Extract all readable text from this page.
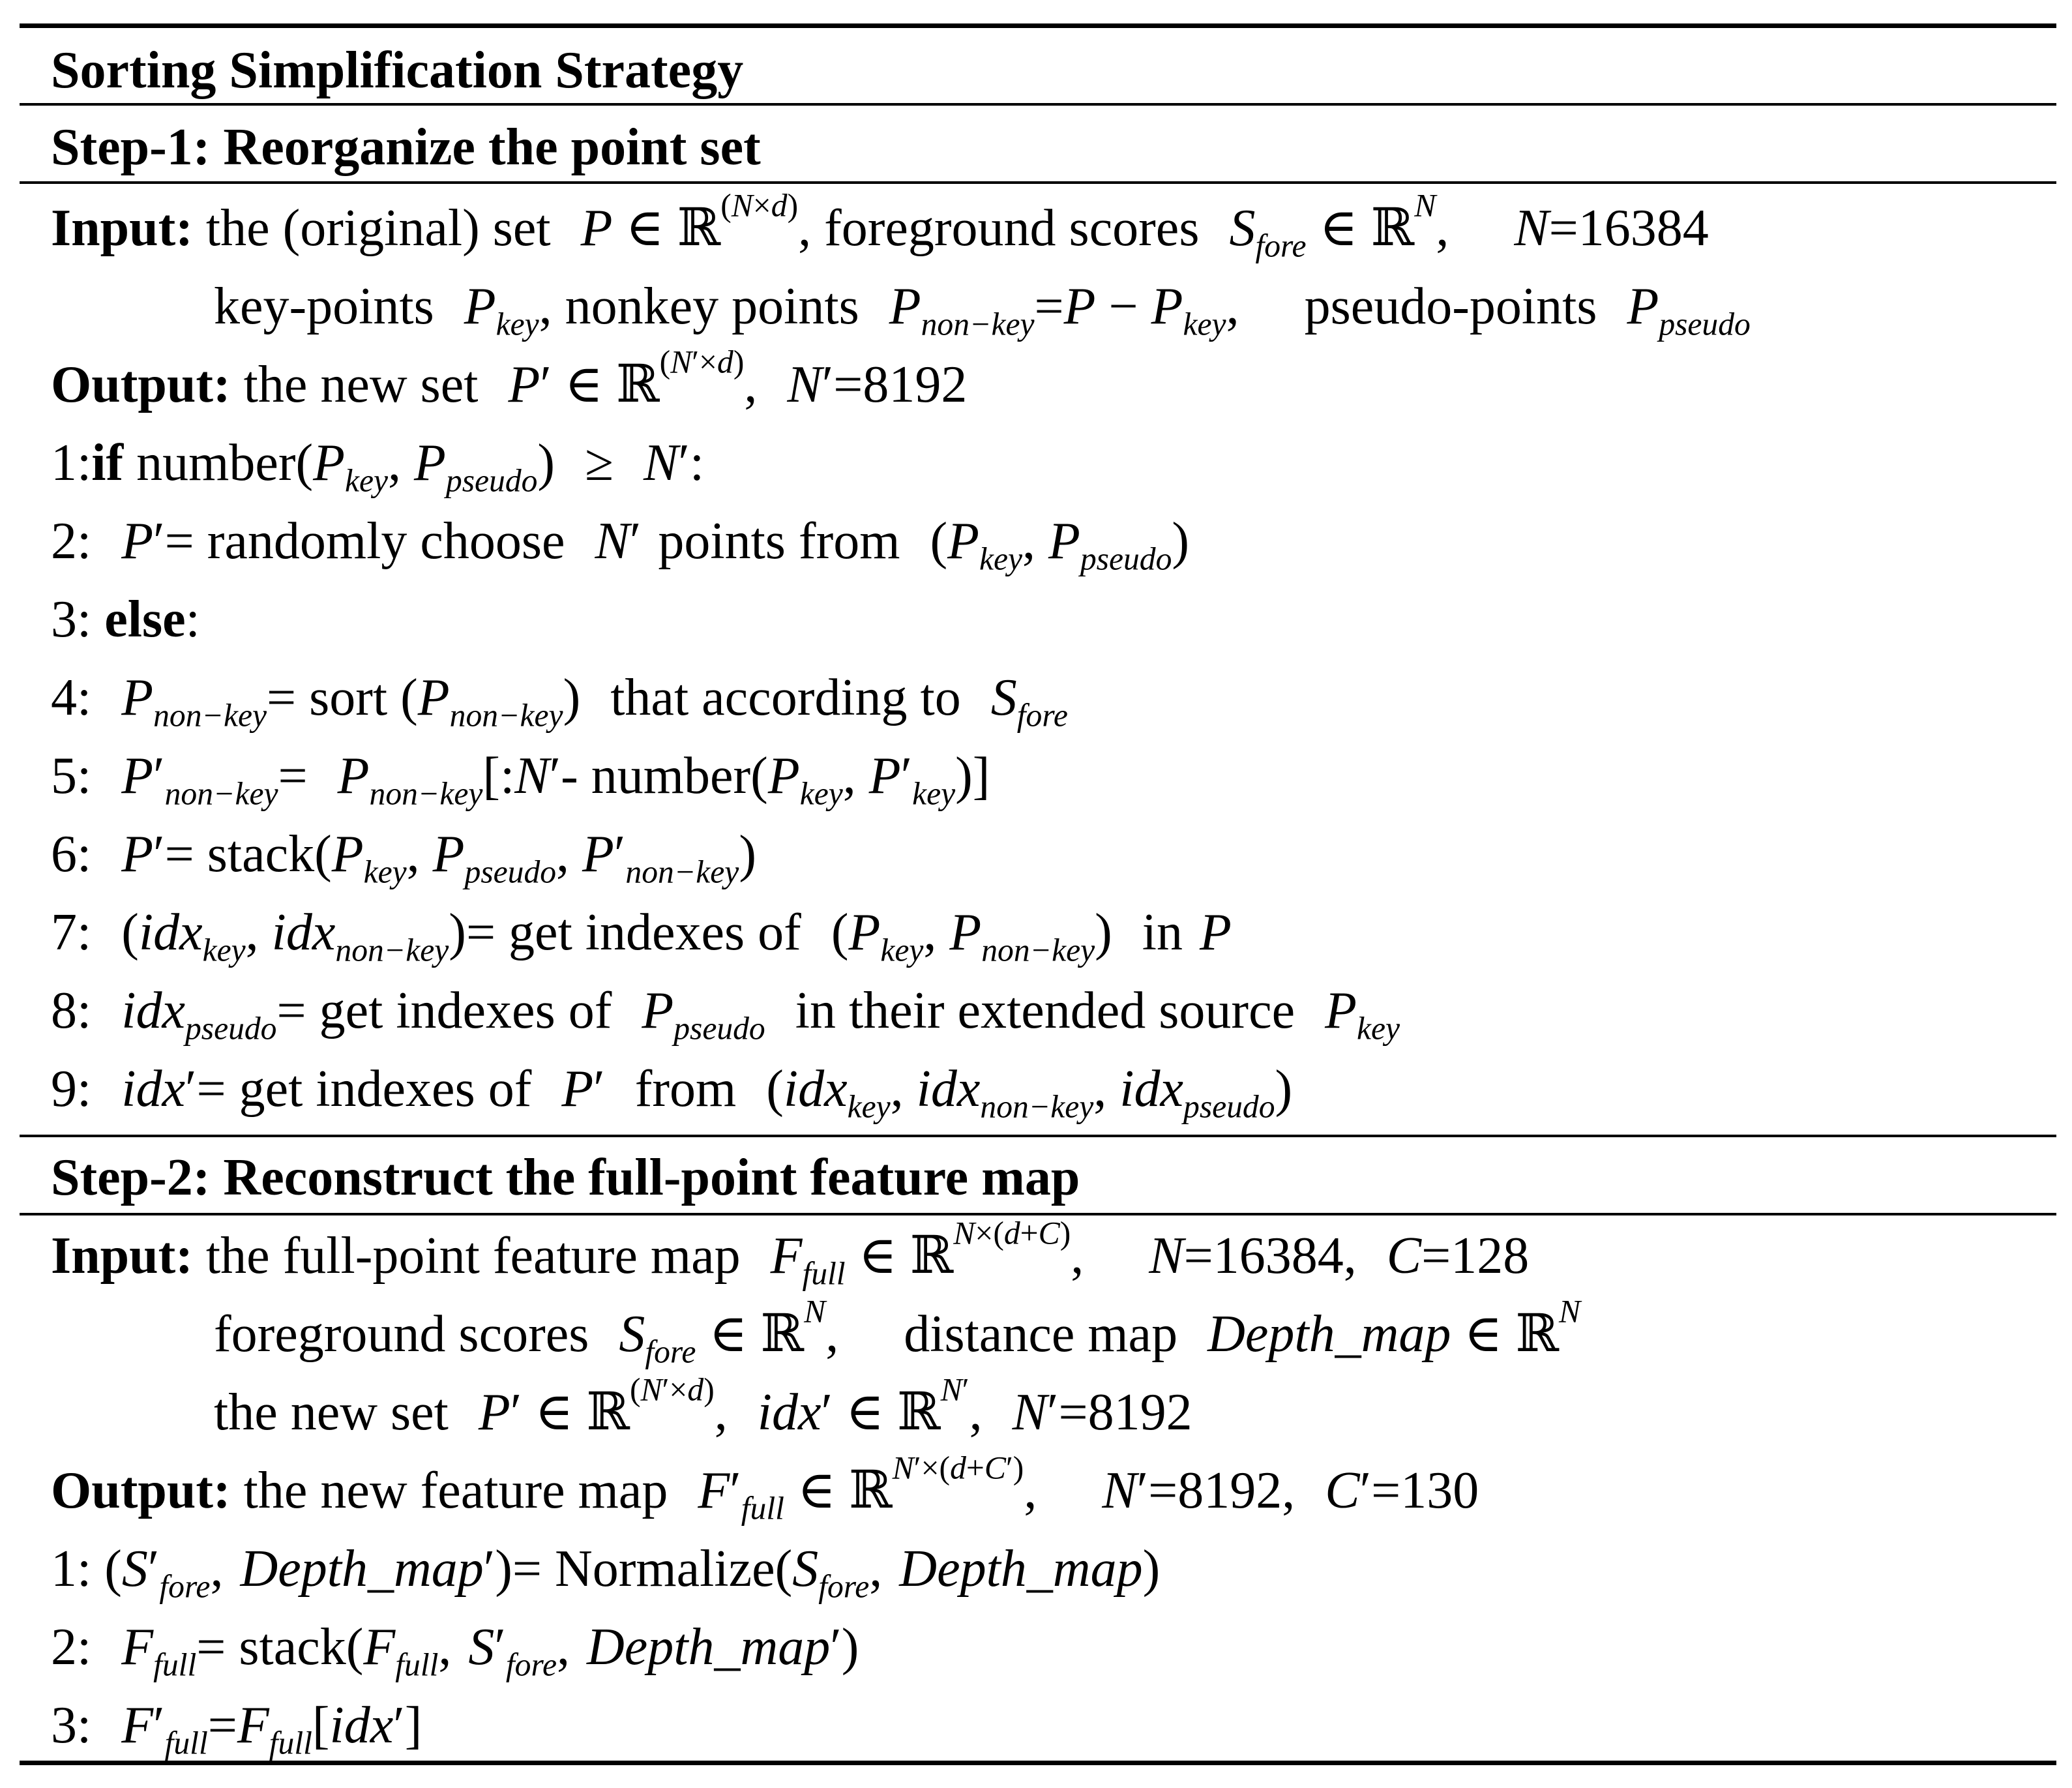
Sorting Simplification Strategy
Step-1: Reorganize the point set
Input: the (original) set P ∈ ℝ$^{(N\times d)}$, foreground scores $S_{fore}$ ∈ ℝ$^N$, N=16384
key-points $P_{key}$, nonkey points $P_{non-key}=P - P_{key}$, pseudo-points $P_{pseudo}$
Output: the new set P′ ∈ ℝ$^{(N'\times d)}$, N′=8192
1:if $number(P_{key}$, $P_{pseudo}) \ge N'$:
2: P′= randomly choose N′ points from ($P_{key}$, $P_{pseudo}$)
3: else:
4: $P_{non-key}=$ sort $(P_{non-key})$ that according to $S_{fore}$
5: $P'_{non-key}=$ $P_{non-key}[:N'-$ $number(P_{key}$, $P'_{key}$)]
6: $P'= stack(P_{key}$, $P_{pseudo}$, $P'_{non-key}$)
7: (idx$_{key}$, idx$_{non-key}$)= get indexes of ($P_{key}$, $P_{non-key}$) in P
8: idx$_{pseudo}$= get indexes of $P_{pseudo}$ in their extended source $P_{key}$
9: idx′= get indexes of P′ from (idx$_{key}$, idx$_{non-key}$, idx$_{pseudo}$)
Step-2: Reconstruct the full-point feature map
Input: the full-point feature map $F_{full}$ ∈ ℝ$^{N\times(d+C)}$, N=16384, C=128
foreground scores $S_{fore}$ ∈ ℝ$^N$, distance map Depth_map ∈ ℝ$^N$
the new set P′ ∈ ℝ$^{(N'\times d)}$, idx′ ∈ ℝ$^{N'}$, N′=8192
Output: the new feature map $F'_{full}$ ∈ ℝ$^{N'\times(d+C')}$, N′=8192, C′=130
1: ($S'_{fore}$, Depth_map′)= $Normalize(S_{fore}$, Depth_map)
2: $F_{full}=$ $stack(F_{full}$, $S'_{fore}$, Depth_map′)
3: $F'_{full}=F_{full}[idx']$
